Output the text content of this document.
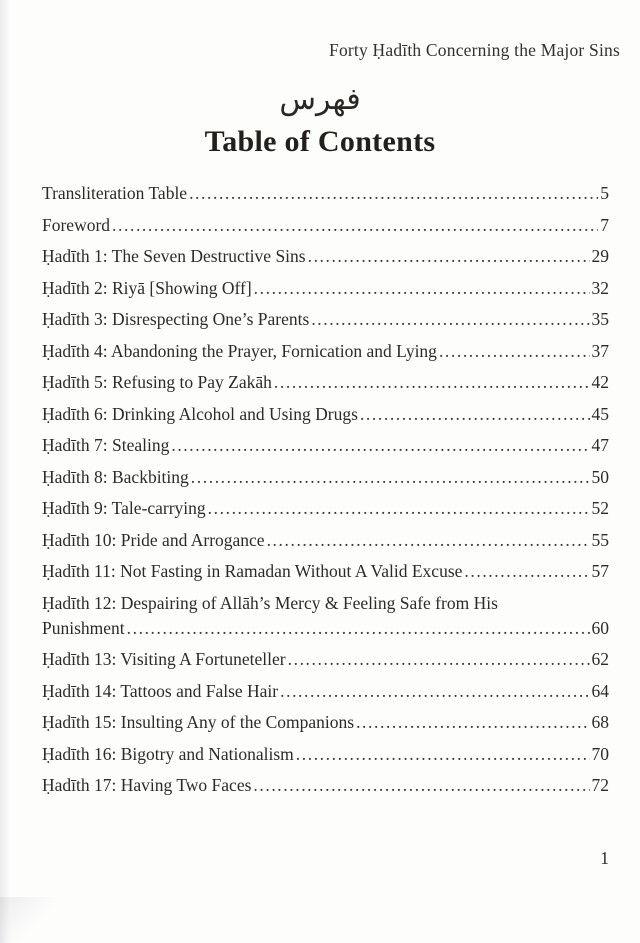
Forty Ḥadīth Concerning the Major Sins
فهرس
Table of Contents
Transliteration Table .....	5
Foreword .....	7
Ḥadīth 1: The Seven Destructive Sins .....	29
Ḥadīth 2: Riyā [Showing Off] .....	32
Ḥadīth 3: Disrespecting One’s Parents .....	35
Ḥadīth 4: Abandoning the Prayer, Fornication and Lying .....	37
Ḥadīth 5: Refusing to Pay Zakāh .....	42
Ḥadīth 6: Drinking Alcohol and Using Drugs .....	45
Ḥadīth 7: Stealing .....	47
Ḥadīth 8: Backbiting .....	50
Ḥadīth 9: Tale-carrying .....	52
Ḥadīth 10: Pride and Arrogance .....	55
Ḥadīth 11: Not Fasting in Ramadan Without A Valid Excuse .....	57
Ḥadīth 12: Despairing of Allāh’s Mercy & Feeling Safe from His
Punishment .....	60
Ḥadīth 13: Visiting A Fortuneteller .....	62
Ḥadīth 14: Tattoos and False Hair .....	64
Ḥadīth 15: Insulting Any of the Companions .....	68
Ḥadīth 16: Bigotry and Nationalism .....	70
Ḥadīth 17: Having Two Faces .....	72
1
